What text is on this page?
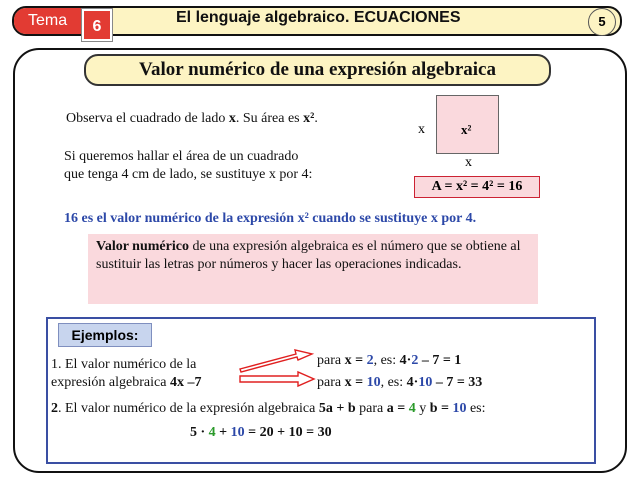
Tema	6
El lenguaje algebraico. ECUACIONES	5
Valor numérico de una expresión algebraica
Observa el cuadrado de lado x. Su área es x².
x²
x
x
Si queremos hallar el área de un cuadrado
que tenga 4 cm de lado, se sustituye x por 4:
A = x² = 4² = 16
16 es el valor numérico de la expresión x² cuando se sustituye x por 4.
Valor numérico de una expresión algebraica es el número que se obtiene al sustituir las letras por números y hacer las operaciones indicadas.
Ejemplos:
1. El valor numérico de la
expresión algebraica 4x –7
para x = 2, es: 4·2 – 7 = 1
para x = 10, es: 4·10 – 7 = 33
2. El valor numérico de la expresión algebraica 5a + b para a = 4 y b = 10 es:
5 · 4 + 10 = 20 + 10 = 30
